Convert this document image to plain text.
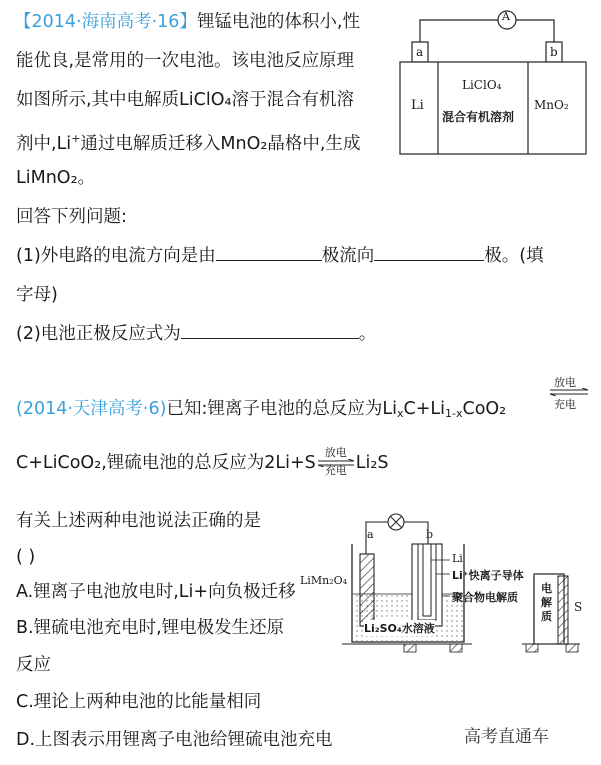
【2014·海南高考·16】锂锰电池的体积小,性
能优良,是常用的一次电池。该电池反应原理
如图所示,其中电解质LiClO₄溶于混合有机溶
剂中,Li+通过电解质迁移入MnO₂晶格中,生成
LiMnO₂。
回答下列问题:
(1)外电路的电流方向是由	极流向	极。(填
字母)
(2)电池正极反应式为	。
A
a	b
Li
LiClO₄
混合有机溶剂
MnO₂
(2014·天津高考·6)已知:锂离子电池的总反应为$Li_xC+Li_{1-x}CoO_2$
放电
充电
C+LiCoO₂,锂硫电池的总反应为2Li+S
放电
充电 Li₂S
有关上述两种电池说法正确的是
( )
A.锂离子电池放电时,Li+向负极迁移
B.锂硫电池充电时,锂电极发生还原
反应
C.理论上两种电池的比能量相同
D.上图表示用锂离子电池给锂硫电池充电
a	b
LiMn₂O₄
Li₂SO₄水溶液
Li
Li⁺快离子导体
聚合物电解质
电解质
S
高考直通车
